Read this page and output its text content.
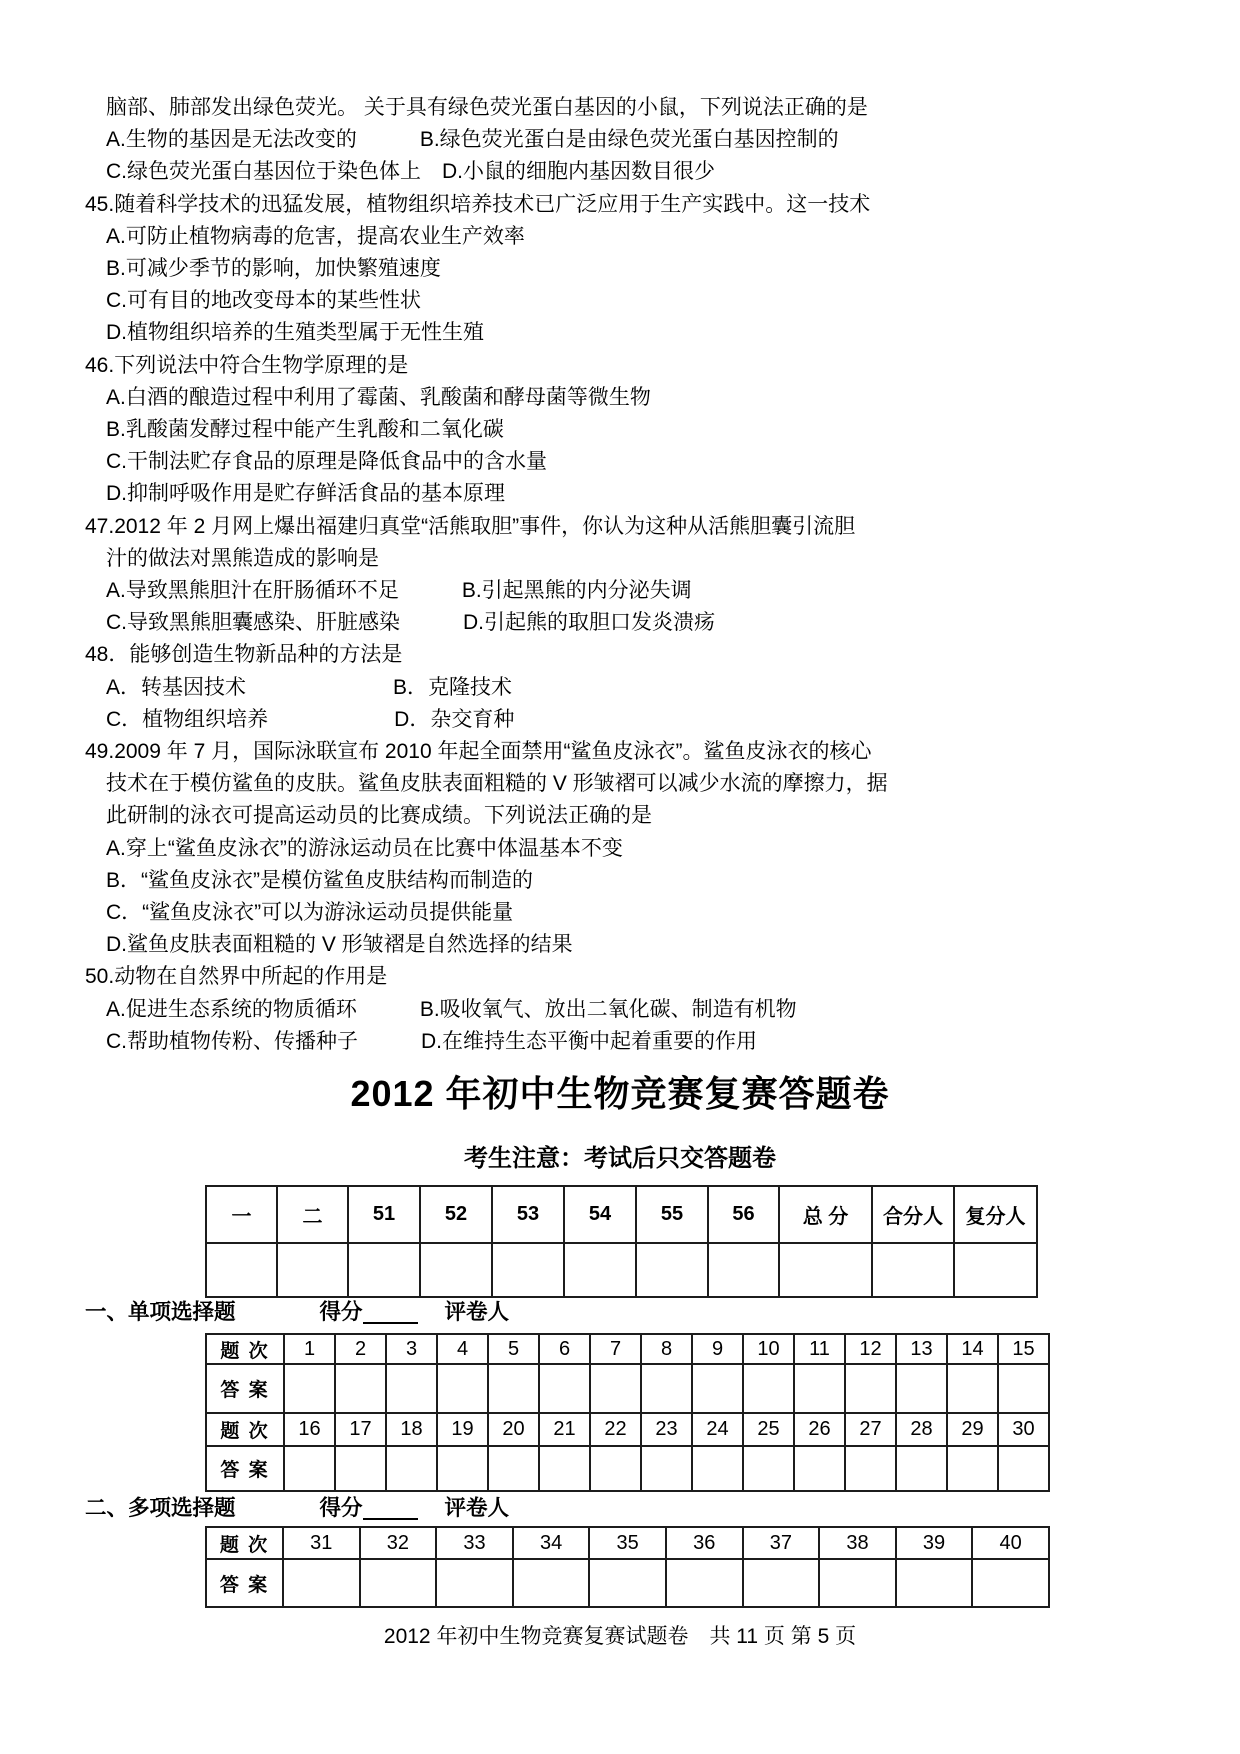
脑部、肺部发出绿色荧光。 关于具有绿色荧光蛋白基因的小鼠，下列说法正确的是
A.生物的基因是无法改变的　　　B.绿色荧光蛋白是由绿色荧光蛋白基因控制的
C.绿色荧光蛋白基因位于染色体上　D.小鼠的细胞内基因数目很少
45.随着科学技术的迅猛发展，植物组织培养技术已广泛应用于生产实践中。这一技术
A.可防止植物病毒的危害，提高农业生产效率
B.可减少季节的影响，加快繁殖速度
C.可有目的地改变母本的某些性状
D.植物组织培养的生殖类型属于无性生殖
46.下列说法中符合生物学原理的是
A.白酒的酿造过程中利用了霉菌、乳酸菌和酵母菌等微生物
B.乳酸菌发酵过程中能产生乳酸和二氧化碳
C.干制法贮存食品的原理是降低食品中的含水量
D.抑制呼吸作用是贮存鲜活食品的基本原理
47.2012 年 2 月网上爆出福建归真堂“活熊取胆”事件，你认为这种从活熊胆囊引流胆
汁的做法对黑熊造成的影响是
A.导致黑熊胆汁在肝肠循环不足　　　B.引起黑熊的内分泌失调
C.导致黑熊胆囊感染、肝脏感染　　　D.引起熊的取胆口发炎溃疡
48．能够创造生物新品种的方法是
A．转基因技术　　　　　　　B．克隆技术
C．植物组织培养　　　　　　D．杂交育种
49.2009 年 7 月，国际泳联宣布 2010 年起全面禁用“鲨鱼皮泳衣”。鲨鱼皮泳衣的核心
技术在于模仿鲨鱼的皮肤。鲨鱼皮肤表面粗糙的 V 形皱褶可以减少水流的摩擦力，据
此研制的泳衣可提高运动员的比赛成绩。下列说法正确的是
A.穿上“鲨鱼皮泳衣”的游泳运动员在比赛中体温基本不变
B．“鲨鱼皮泳衣”是模仿鲨鱼皮肤结构而制造的
C．“鲨鱼皮泳衣”可以为游泳运动员提供能量
D.鲨鱼皮肤表面粗糙的 V 形皱褶是自然选择的结果
50.动物在自然界中所起的作用是
A.促进生态系统的物质循环　　　B.吸收氧气、放出二氧化碳、制造有机物
C.帮助植物传粉、传播种子　　　D.在维持生态平衡中起着重要的作用
2012 年初中生物竞赛复赛答题卷
考生注意：考试后只交答题卷
一	二	51	52	53	54	55	56	总 分	合分人	复分人

一、单项选择题	得分	评卷人
题 次	1	2	3	4	5	6	7	8	9	10	11	12	13	14	15
答 案															
题 次	16	17	18	19	20	21	22	23	24	25	26	27	28	29	30
答 案															
二、多项选择题	得分	评卷人
题 次	31	32	33	34	35	36	37	38	39	40
答 案										
2012 年初中生物竞赛复赛试题卷　共 11 页 第 5 页
